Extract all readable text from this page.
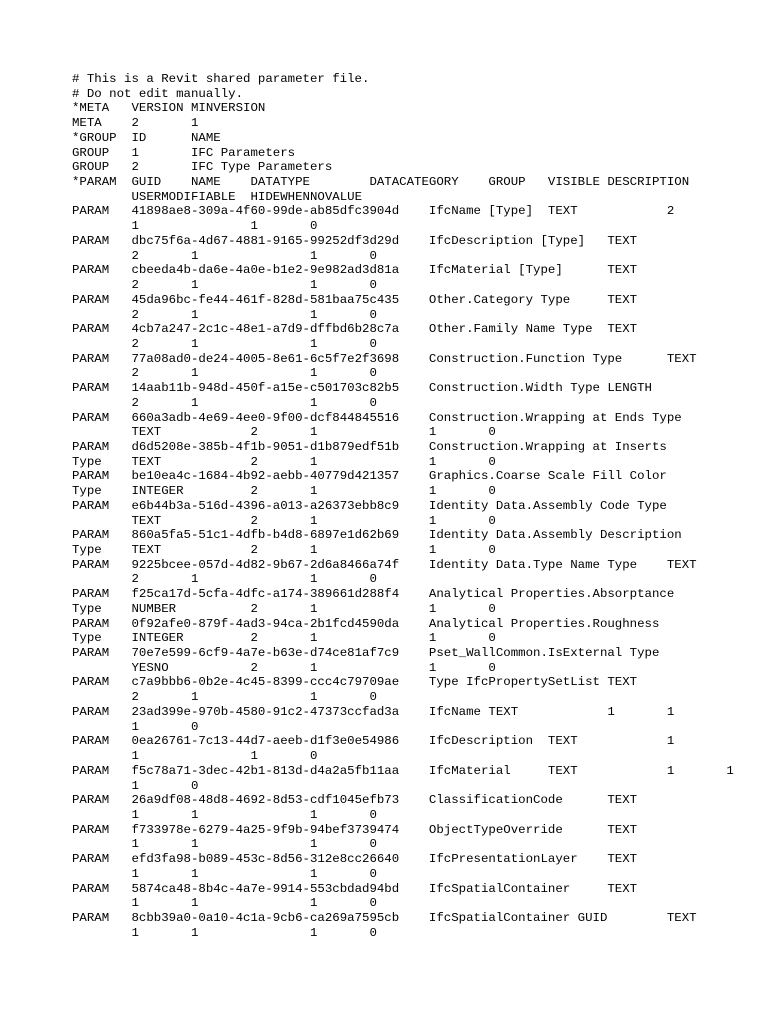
# This is a Revit shared parameter file.
# Do not edit manually.
*META	VERSION	MINVERSION
META	2	1
*GROUP	ID	NAME
GROUP	1	IFC Parameters
GROUP	2	IFC Type Parameters
*PARAM	GUID	NAME	DATATYPE	DATACATEGORY	GROUP	VISIBLE	DESCRIPTION
	USERMODIFIABLE	HIDEWHENNOVALUE
PARAM	41898ae8-309a-4f60-99de-ab85dfc3904d	IfcName [Type]	TEXT		2
	1		1	0
PARAM	dbc75f6a-4d67-4881-9165-99252df3d29d	IfcDescription [Type]	TEXT
	2	1		1	0
PARAM	cbeeda4b-da6e-4a0e-b1e2-9e982ad3d81a	IfcMaterial [Type]	TEXT
	2	1		1	0
PARAM	45da96bc-fe44-461f-828d-581baa75c435	Other.Category Type	TEXT
	2	1		1	0
PARAM	4cb7a247-2c1c-48e1-a7d9-dffbd6b28c7a	Other.Family Name Type	TEXT
	2	1		1	0
PARAM	77a08ad0-de24-4005-8e61-6c5f7e2f3698	Construction.Function Type	TEXT
	2	1		1	0
PARAM	14aab11b-948d-450f-a15e-c501703c82b5	Construction.Width Type	LENGTH
	2	1		1	0
PARAM	660a3adb-4e69-4ee0-9f00-dcf844845516	Construction.Wrapping at Ends Type
	TEXT		2	1		1	0
PARAM	d6d5208e-385b-4f1b-9051-d1b879edf51b	Construction.Wrapping at Inserts
Type	TEXT		2	1		1	0
PARAM	be10ea4c-1684-4b92-aebb-40779d421357	Graphics.Coarse Scale Fill Color
Type	INTEGER		2	1		1	0
PARAM	e6b44b3a-516d-4396-a013-a26373ebb8c9	Identity Data.Assembly Code Type
	TEXT		2	1		1	0
PARAM	860a5fa5-51c1-4dfb-b4d8-6897e1d62b69	Identity Data.Assembly Description
Type	TEXT		2	1		1	0
PARAM	9225bcee-057d-4d82-9b67-2d6a8466a74f	Identity Data.Type Name Type	TEXT
	2	1		1	0
PARAM	f25ca17d-5cfa-4dfc-a174-389661d288f4	Analytical Properties.Absorptance
Type	NUMBER		2	1		1	0
PARAM	0f92afe0-879f-4ad3-94ca-2b1fcd4590da	Analytical Properties.Roughness
Type	INTEGER		2	1		1	0
PARAM	70e7e599-6cf9-4a7e-b63e-d74ce81af7c9	Pset_WallCommon.IsExternal Type
	YESNO		2	1		1	0
PARAM	c7a9bbb6-0b2e-4c45-8399-ccc4c79709ae	Type IfcPropertySetList	TEXT
	2	1		1	0
PARAM	23ad399e-970b-4580-91c2-47373ccfad3a	IfcName	TEXT		1	1
	1	0
PARAM	0ea26761-7c13-44d7-aeeb-d1f3e0e54986	IfcDescription	TEXT		1
	1		1	0
PARAM	f5c78a71-3dec-42b1-813d-d4a2a5fb11aa	IfcMaterial	TEXT		1	1
	1	0
PARAM	26a9df08-48d8-4692-8d53-cdf1045efb73	ClassificationCode	TEXT
	1	1		1	0
PARAM	f733978e-6279-4a25-9f9b-94bef3739474	ObjectTypeOverride	TEXT
	1	1		1	0
PARAM	efd3fa98-b089-453c-8d56-312e8cc26640	IfcPresentationLayer	TEXT
	1	1		1	0
PARAM	5874ca48-8b4c-4a7e-9914-553cbdad94bd	IfcSpatialContainer	TEXT
	1	1		1	0
PARAM	8cbb39a0-0a10-4c1a-9cb6-ca269a7595cb	IfcSpatialContainer GUID	TEXT
	1	1		1	0
